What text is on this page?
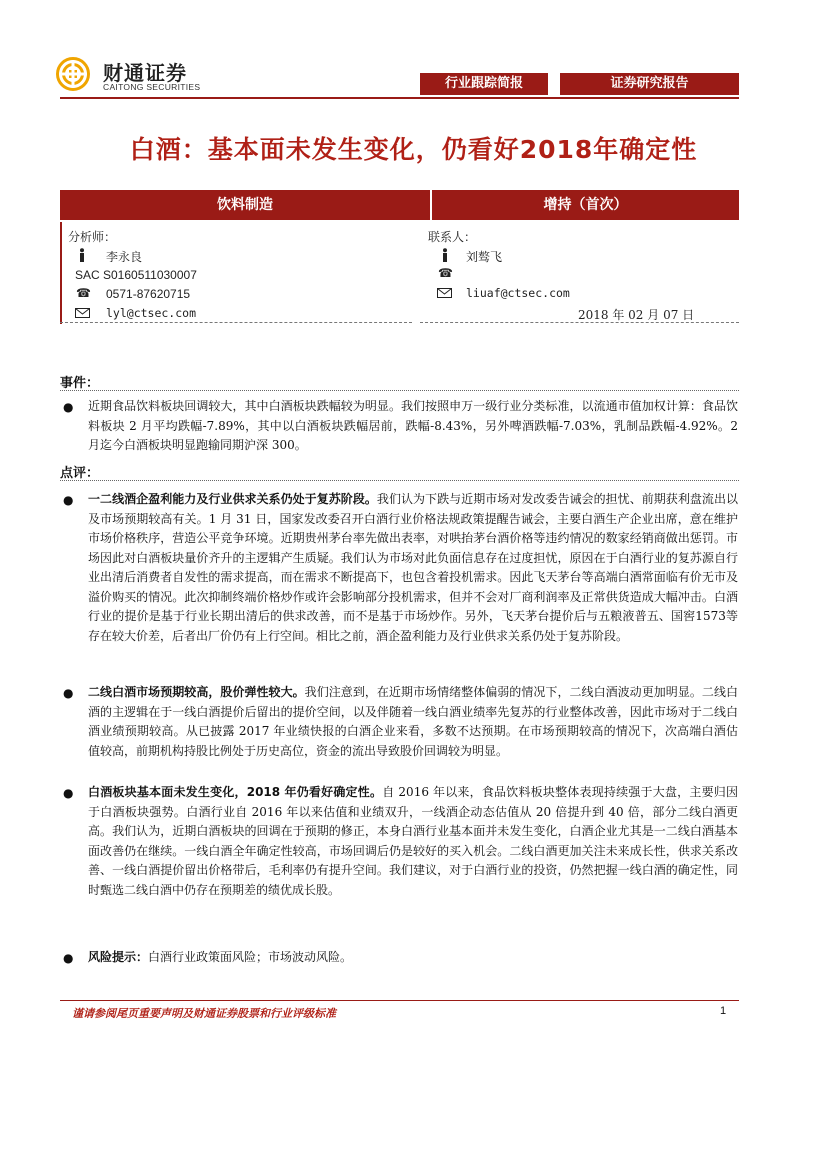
财通证券
CAITONG SECURITIES	行业跟踪简报	证券研究报告
白酒：基本面未发生变化，仍看好2018年确定性
饮料制造	增持（首次）
分析师：
李永良
SAC S0160511030007
☎ 0571-87620715
lyl@ctsec.com
联系人：
刘骜飞
☎
liuaf@ctsec.com
2018 年 02 月 07 日
事件：
● 近期食品饮料板块回调较大，其中白酒板块跌幅较为明显。我们按照申万一级行业分类标准，以流通市值加权计算：食品饮料板块 2 月平均跌幅-7.89%，其中以白酒板块跌幅居前，跌幅-8.43%，另外啤酒跌幅-7.03%，乳制品跌幅-4.92%。2 月迄今白酒板块明显跑输同期沪深 300。
点评：
● 一二线酒企盈利能力及行业供求关系仍处于复苏阶段。我们认为下跌与近期市场对发改委告诫会的担忧、前期获利盘流出以及市场预期较高有关。1 月 31 日，国家发改委召开白酒行业价格法规政策提醒告诫会，主要白酒生产企业出席，意在维护市场价格秩序，营造公平竞争环境。近期贵州茅台率先做出表率，对哄抬茅台酒价格等违约情况的数家经销商做出惩罚。市场因此对白酒板块量价齐升的主逻辑产生质疑。我们认为市场对此负面信息存在过度担忧，原因在于白酒行业的复苏源自行业出清后消费者自发性的需求提高，而在需求不断提高下，也包含着投机需求。因此飞天茅台等高端白酒常面临有价无市及溢价购买的情况。此次抑制终端价格炒作或许会影响部分投机需求，但并不会对厂商利润率及正常供货造成大幅冲击。白酒行业的提价是基于行业长期出清后的供求改善，而不是基于市场炒作。另外，飞天茅台提价后与五粮液普五、国窖1573等存在较大价差，后者出厂价仍有上行空间。相比之前，酒企盈利能力及行业供求关系仍处于复苏阶段。
● 二线白酒市场预期较高，股价弹性较大。我们注意到，在近期市场情绪整体偏弱的情况下，二线白酒波动更加明显。二线白酒的主逻辑在于一线白酒提价后留出的提价空间，以及伴随着一线白酒业绩率先复苏的行业整体改善，因此市场对于二线白酒业绩预期较高。从已披露 2017 年业绩快报的白酒企业来看，多数不达预期。在市场预期较高的情况下，次高端白酒估值较高，前期机构持股比例处于历史高位，资金的流出导致股价回调较为明显。
● 白酒板块基本面未发生变化，2018 年仍看好确定性。自 2016 年以来，食品饮料板块整体表现持续强于大盘，主要归因于白酒板块强势。白酒行业自 2016 年以来估值和业绩双升，一线酒企动态估值从 20 倍提升到 40 倍，部分二线白酒更高。我们认为，近期白酒板块的回调在于预期的修正，本身白酒行业基本面并未发生变化，白酒企业尤其是一二线白酒基本面改善仍在继续。一线白酒全年确定性较高，市场回调后仍是较好的买入机会。二线白酒更加关注未来成长性，供求关系改善、一线白酒提价留出价格带后，毛利率仍有提升空间。我们建议，对于白酒行业的投资，仍然把握一线白酒的确定性，同时甄选二线白酒中仍存在预期差的绩优成长股。
● 风险提示：白酒行业政策面风险；市场波动风险。
谨请参阅尾页重要声明及财通证券股票和行业评级标准	1
